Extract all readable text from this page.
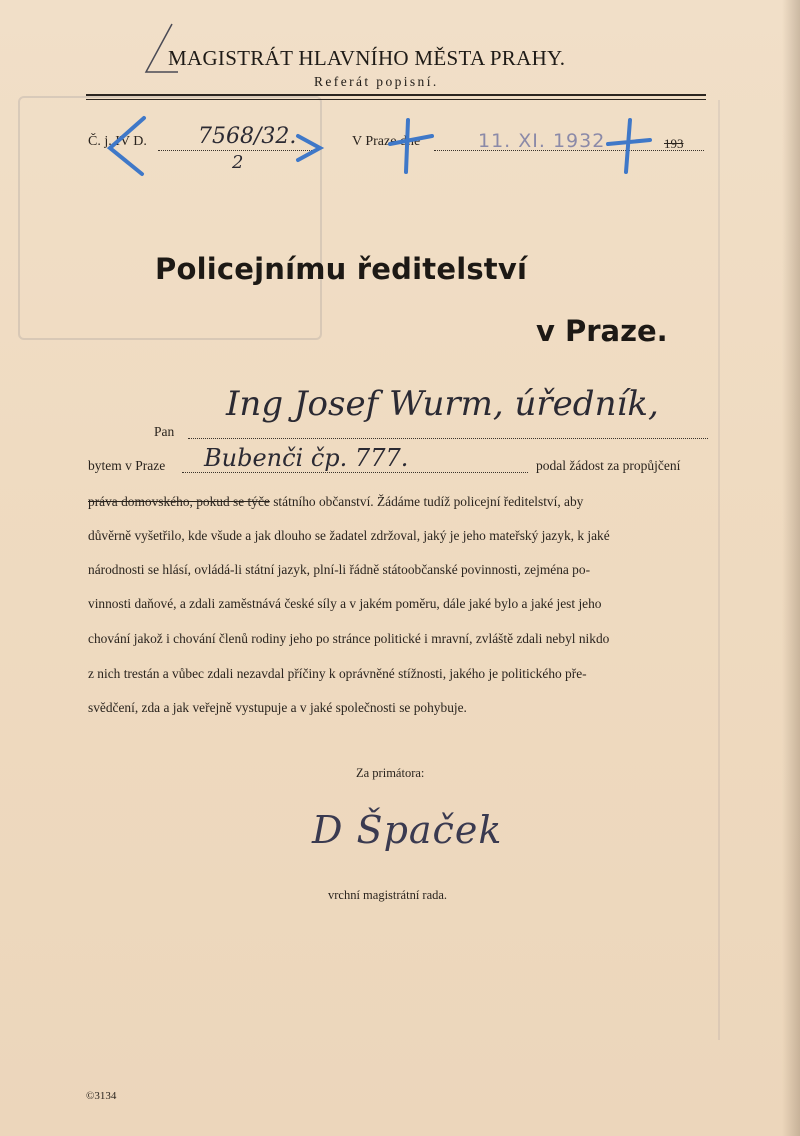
MAGISTRÁT HLAVNÍHO MĚSTA PRAHY.
Referát popisní.
Č. j. IV D. 7568/32.
2
V Praze dne	11. XI. 1932	193
Policejnímu ředitelství
v Praze.
Pan
Ing Josef Wurm, úředník,
bytem v Praze Bubenči čp. 777.	podal žádost za propůjčení
práva domovského, pokud se týče státního občanství. Žádáme tudíž policejní ředitelství, aby
důvěrně vyšetřilo, kde všude a jak dlouho se žadatel zdržoval, jaký je jeho mateřský jazyk, k jaké
národnosti se hlásí, ovládá-li státní jazyk, plní-li řádně státoobčanské povinnosti, zejména po-
vinnosti daňové, a zdali zaměstnává české síly a v jakém poměru, dále jaké bylo a jaké jest jeho
chování jakož i chování členů rodiny jeho po stránce politické i mravní, zvláště zdali nebyl nikdo
z nich trestán a vůbec zdali nezavdal příčiny k oprávněné stížnosti, jakého je politického pře-
svědčení, zda a jak veřejně vystupuje a v jaké společnosti se pohybuje.
Za primátora:
D Špaček
vrchní magistrátní rada.
©3134
